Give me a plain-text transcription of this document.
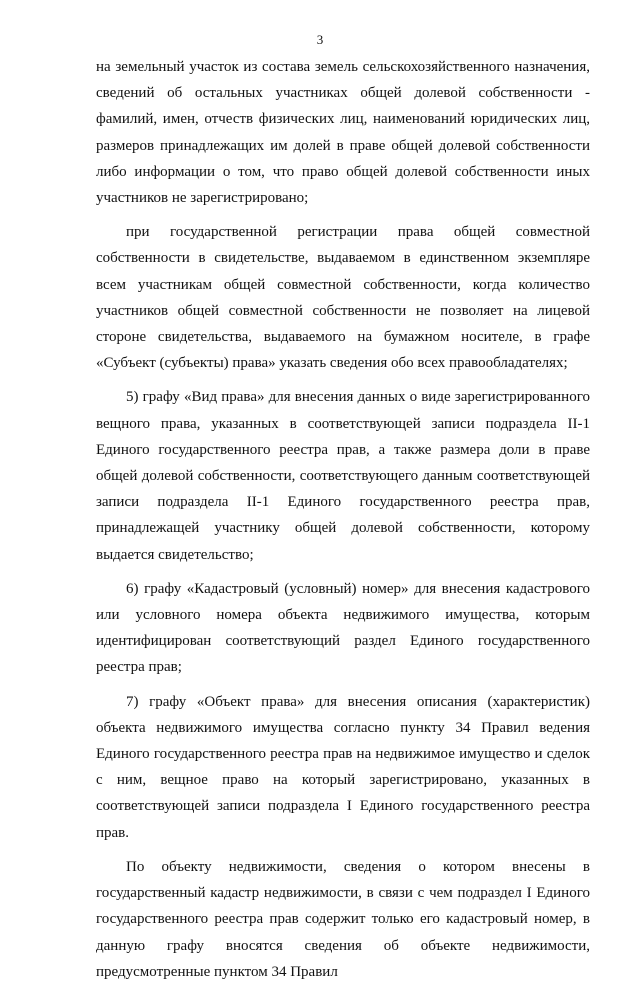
3

на земельный участок из состава земель сельскохозяйственного назначения, сведений об остальных участниках общей долевой собственности - фамилий, имен, отчеств физических лиц, наименований юридических лиц, размеров принадлежащих им долей в праве общей долевой собственности либо информации о том, что право общей долевой собственности иных участников не зарегистрировано;

при государственной регистрации права общей совместной собственности в свидетельстве, выдаваемом в единственном экземпляре всем участникам общей совместной собственности, когда количество участников общей совместной собственности не позволяет на лицевой стороне свидетельства, выдаваемого на бумажном носителе, в графе «Субъект (субъекты) права» указать сведения обо всех правообладателях;

5) графу «Вид права» для внесения данных о виде зарегистрированного вещного права, указанных в соответствующей записи подраздела II-1 Единого государственного реестра прав, а также размера доли в праве общей долевой собственности, соответствующего данным соответствующей записи подраздела II-1 Единого государственного реестра прав, принадлежащей участнику общей долевой собственности, которому выдается свидетельство;

6) графу «Кадастровый (условный) номер» для внесения кадастрового или условного номера объекта недвижимого имущества, которым идентифицирован соответствующий раздел Единого государственного реестра прав;

7) графу «Объект права» для внесения описания (характеристик) объекта недвижимого имущества согласно пункту 34 Правил ведения Единого государственного реестра прав на недвижимое имущество и сделок с ним, вещное право на который зарегистрировано, указанных в соответствующей записи подраздела I Единого государственного реестра прав.

По объекту недвижимости, сведения о котором внесены в государственный кадастр недвижимости, в связи с чем подраздел I Единого государственного реестра прав содержит только его кадастровый номер, в данную графу вносятся сведения об объекте недвижимости, предусмотренные пунктом 34 Правил
